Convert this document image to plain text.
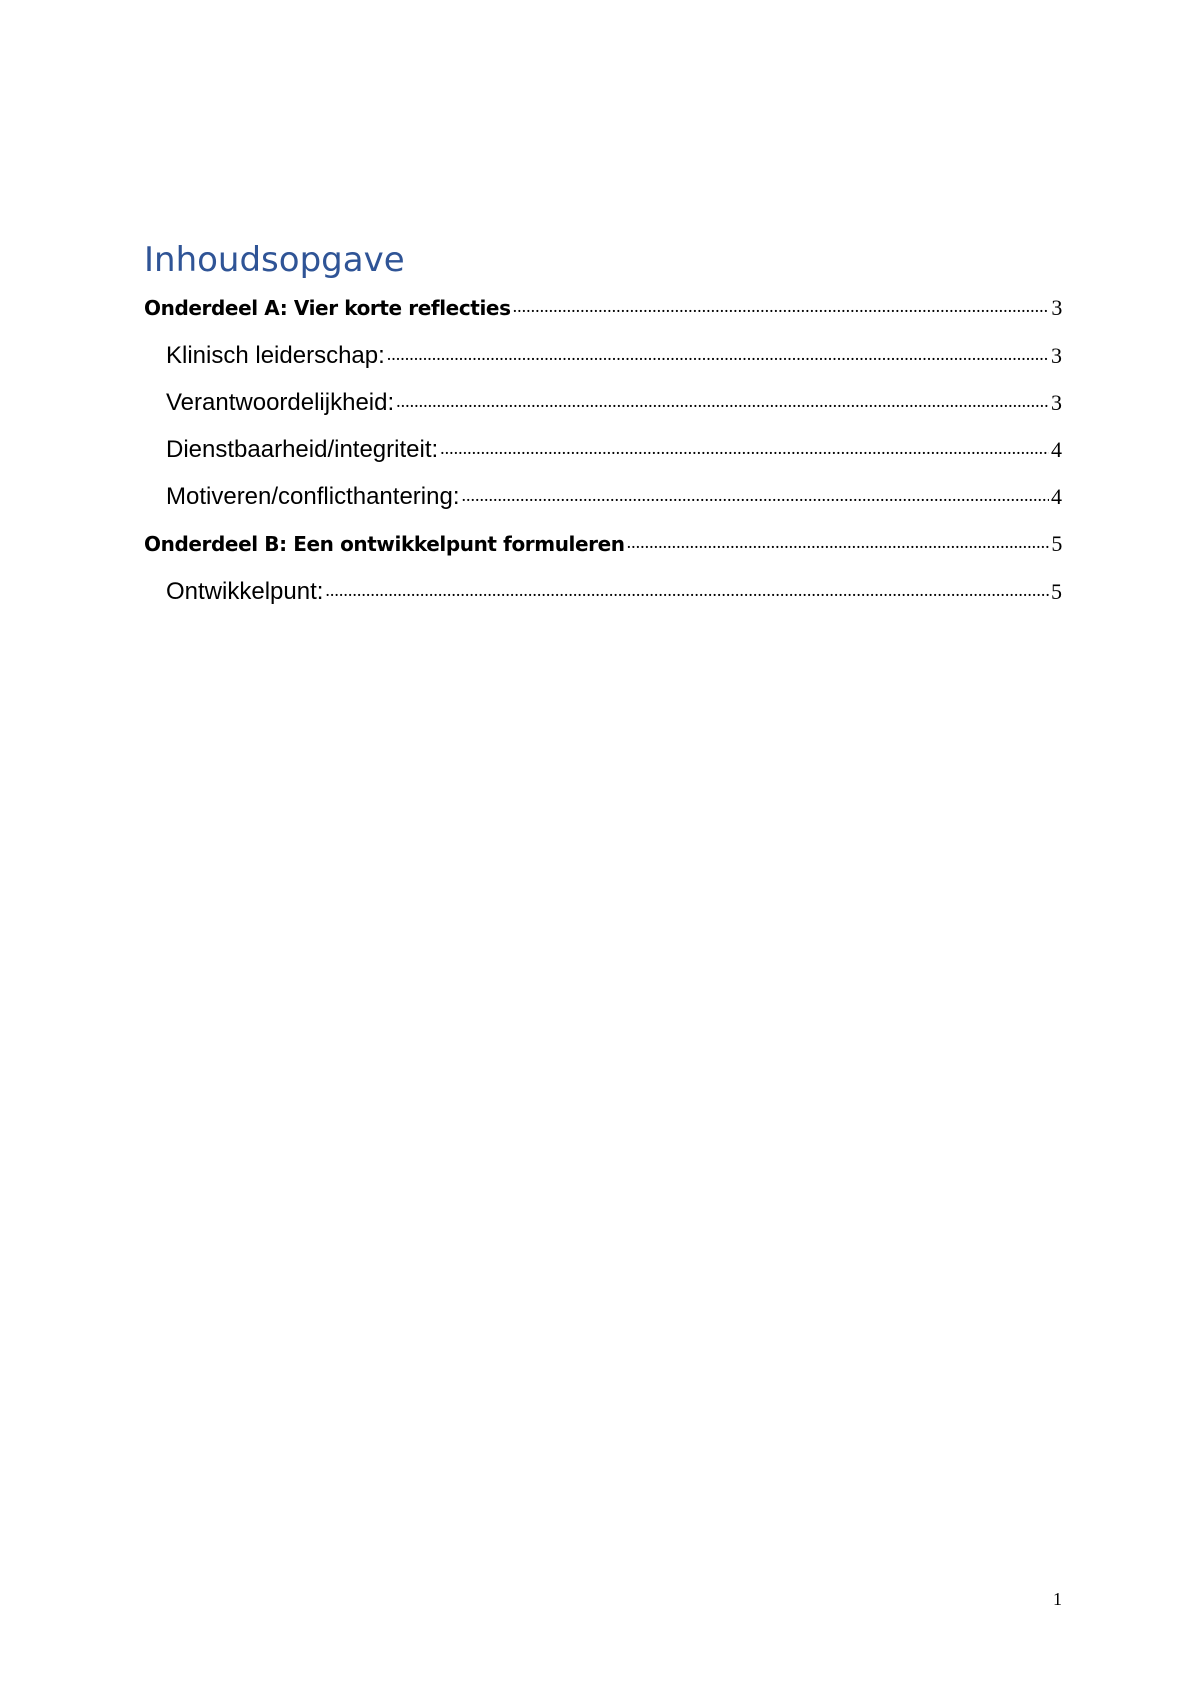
Inhoudsopgave
Onderdeel A: Vier korte reflecties .....	3
Klinisch leiderschap: .....	3
Verantwoordelijkheid: .....	3
Dienstbaarheid/integriteit: .....	4
Motiveren/conflicthantering: .....	4
Onderdeel B: Een ontwikkelpunt formuleren .....	5
Ontwikkelpunt: .....	5
1
